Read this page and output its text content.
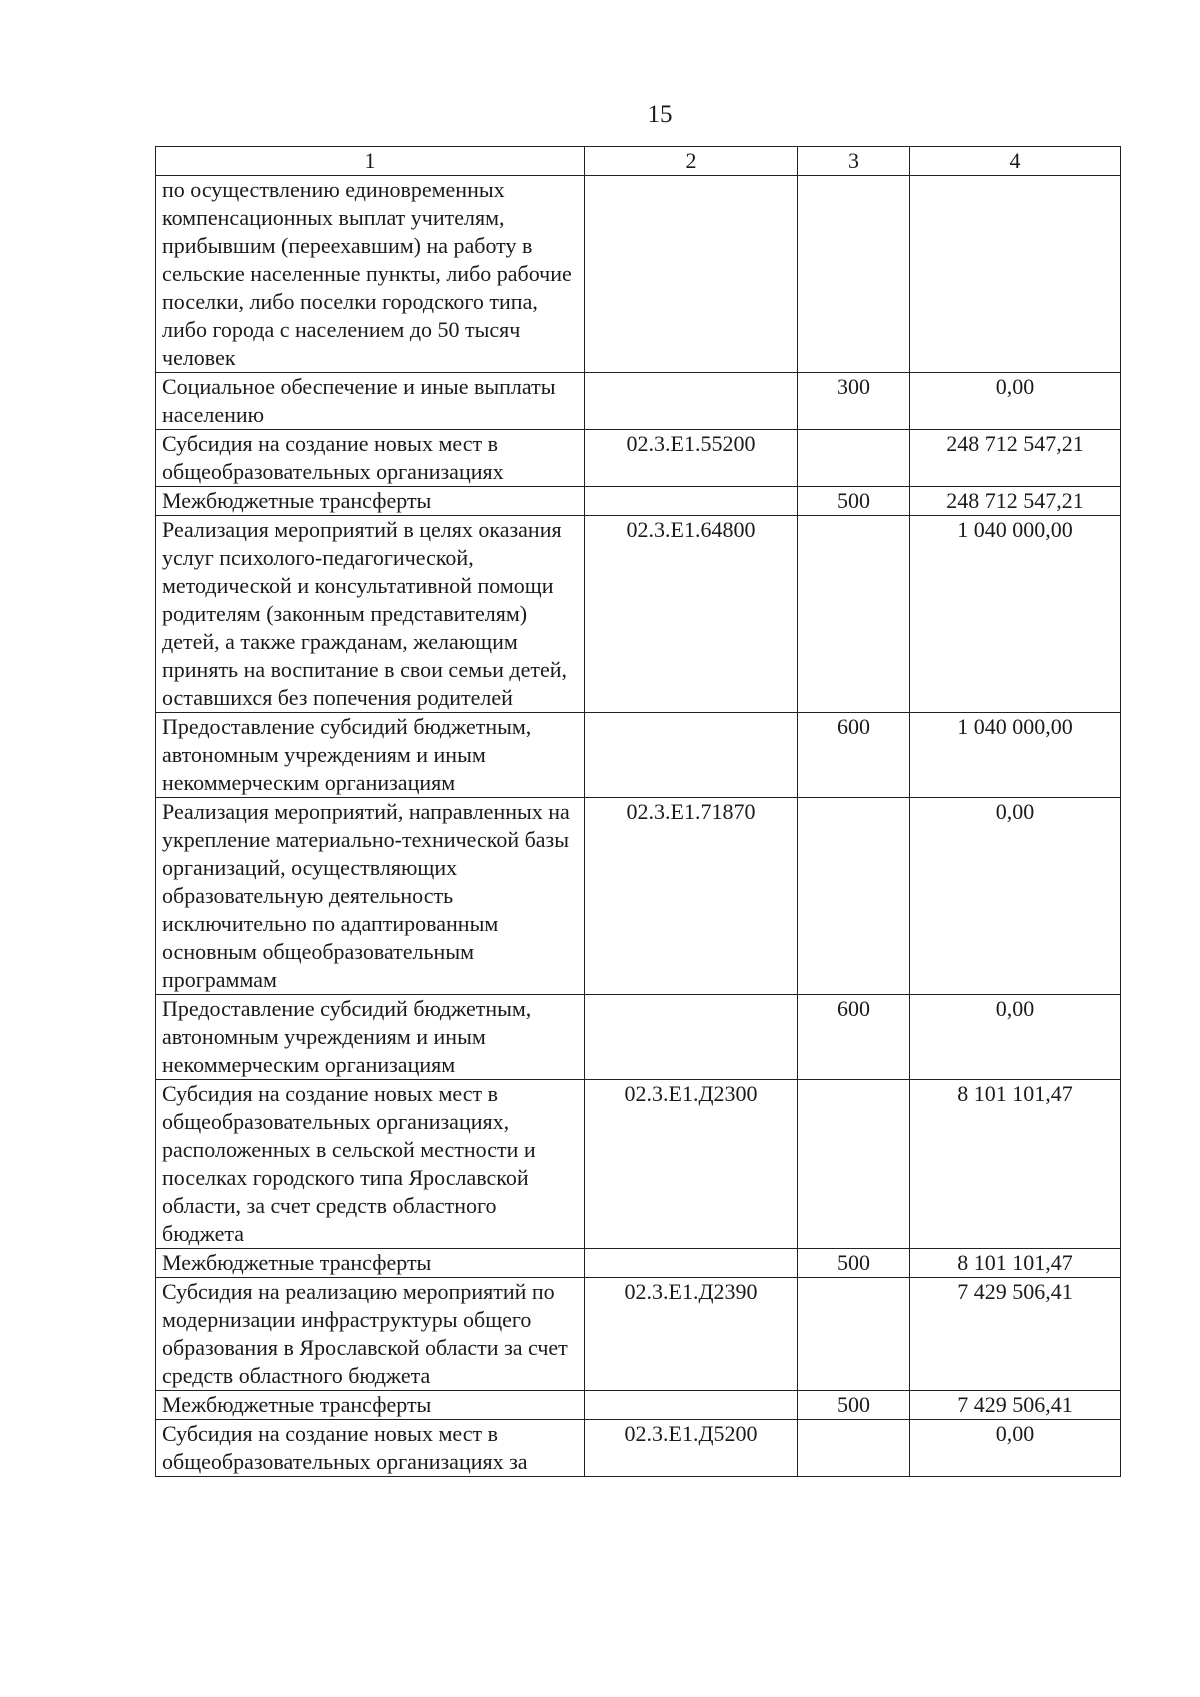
15
1	2	3	4
по осуществлению единовременных компенсационных выплат учителям, прибывшим (переехавшим) на работу в сельские населенные пункты, либо рабочие поселки, либо поселки городского типа, либо города с населением до 50 тысяч человек			
Социальное обеспечение и иные выплаты населению		300	0,00
Субсидия на создание новых мест в общеобразовательных организациях	02.3.E1.55200		248 712 547,21
Межбюджетные трансферты		500	248 712 547,21
Реализация мероприятий в целях оказания услуг психолого-педагогической, методической и консультативной помощи родителям (законным представителям) детей, а также гражданам, желающим принять на воспитание в свои семьи детей, оставшихся без попечения родителей	02.3.E1.64800		1 040 000,00
Предоставление субсидий бюджетным, автономным учреждениям и иным некоммерческим организациям		600	1 040 000,00
Реализация мероприятий, направленных на укрепление материально-технической базы организаций, осуществляющих образовательную деятельность исключительно по адаптированным основным общеобразовательным программам	02.3.E1.71870		0,00
Предоставление субсидий бюджетным, автономным учреждениям и иным некоммерческим организациям		600	0,00
Субсидия на создание новых мест в общеобразовательных организациях, расположенных в сельской местности и поселках городского типа Ярославской области, за счет средств областного бюджета	02.3.E1.Д2300		8 101 101,47
Межбюджетные трансферты		500	8 101 101,47
Субсидия на реализацию мероприятий по модернизации инфраструктуры общего образования в Ярославской области за счет средств областного бюджета	02.3.E1.Д2390		7 429 506,41
Межбюджетные трансферты		500	7 429 506,41
Субсидия на создание новых мест в общеобразовательных организациях за	02.3.E1.Д5200		0,00
